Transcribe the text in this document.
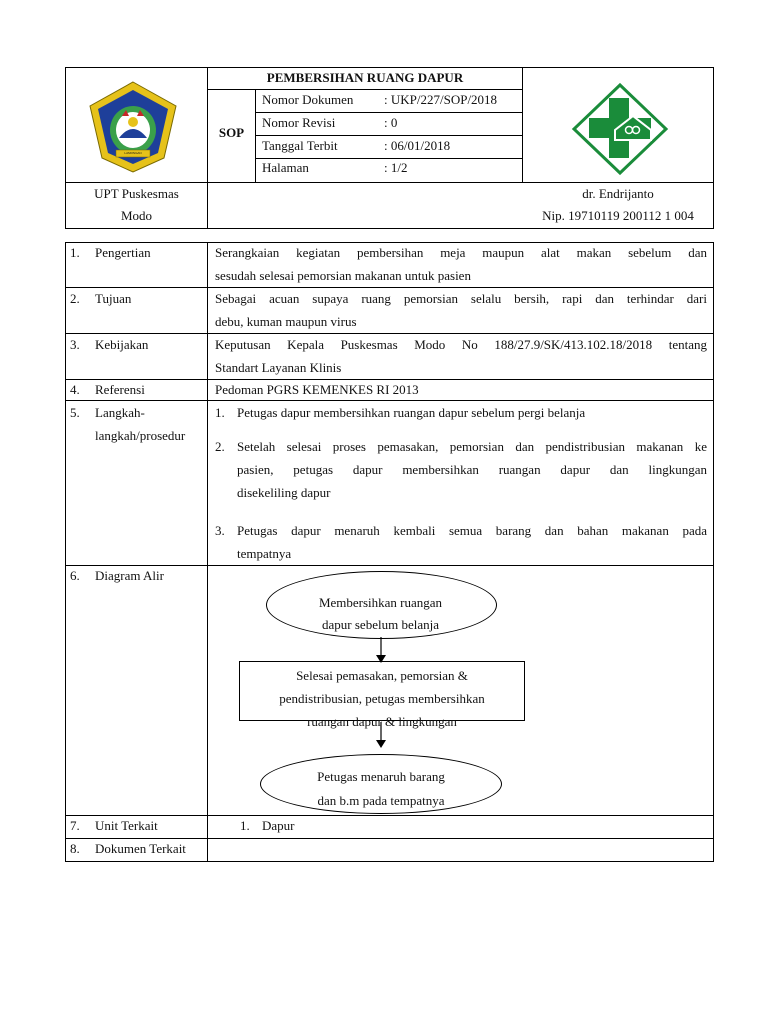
LAMONGAN
PEMBERSIHAN RUANG DAPUR
SOP
Nomor Dokumen : UKP/227/SOP/2018
Nomor Revisi	: 0
Tanggal Terbit	: 06/01/2018
Halaman	: 1/2
UPT Puskesmas
Modo
dr. Endrijanto
Nip. 19710119 200112 1 004
1. Pengertian	Serangkaian kegiatan pembersihan meja maupun alat makan sebelum dan
sesudah selesai pemorsian makanan untuk pasien
2. Tujuan	Sebagai acuan supaya ruang pemorsian selalu bersih, rapi dan terhindar dari
debu, kuman maupun virus
3. Kebijakan	Keputusan Kepala Puskesmas Modo No 188/27.9/SK/413.102.18/2018 tentang
Standart Layanan Klinis
4. Referensi	Pedoman PGRS KEMENKES RI 2013
5. Langkah-
langkah/prosedur
1. Petugas dapur membersihkan ruangan dapur sebelum pergi belanja
2. Setelah selesai proses pemasakan, pemorsian dan pendistribusian makanan ke
pasien, petugas dapur membersihkan ruangan dapur dan lingkungan
disekeliling dapur
3. Petugas dapur menaruh kembali semua barang dan bahan makanan pada
tempatnya
6. Diagram Alir
Membersihkan ruangan
dapur sebelum belanja
Selesai pemasakan, pemorsian &
pendistribusian, petugas membersihkan
ruangan dapur & lingkungan
Petugas menaruh barang
dan b.m pada tempatnya
7. Unit Terkait	1. Dapur
8. Dokumen Terkait
